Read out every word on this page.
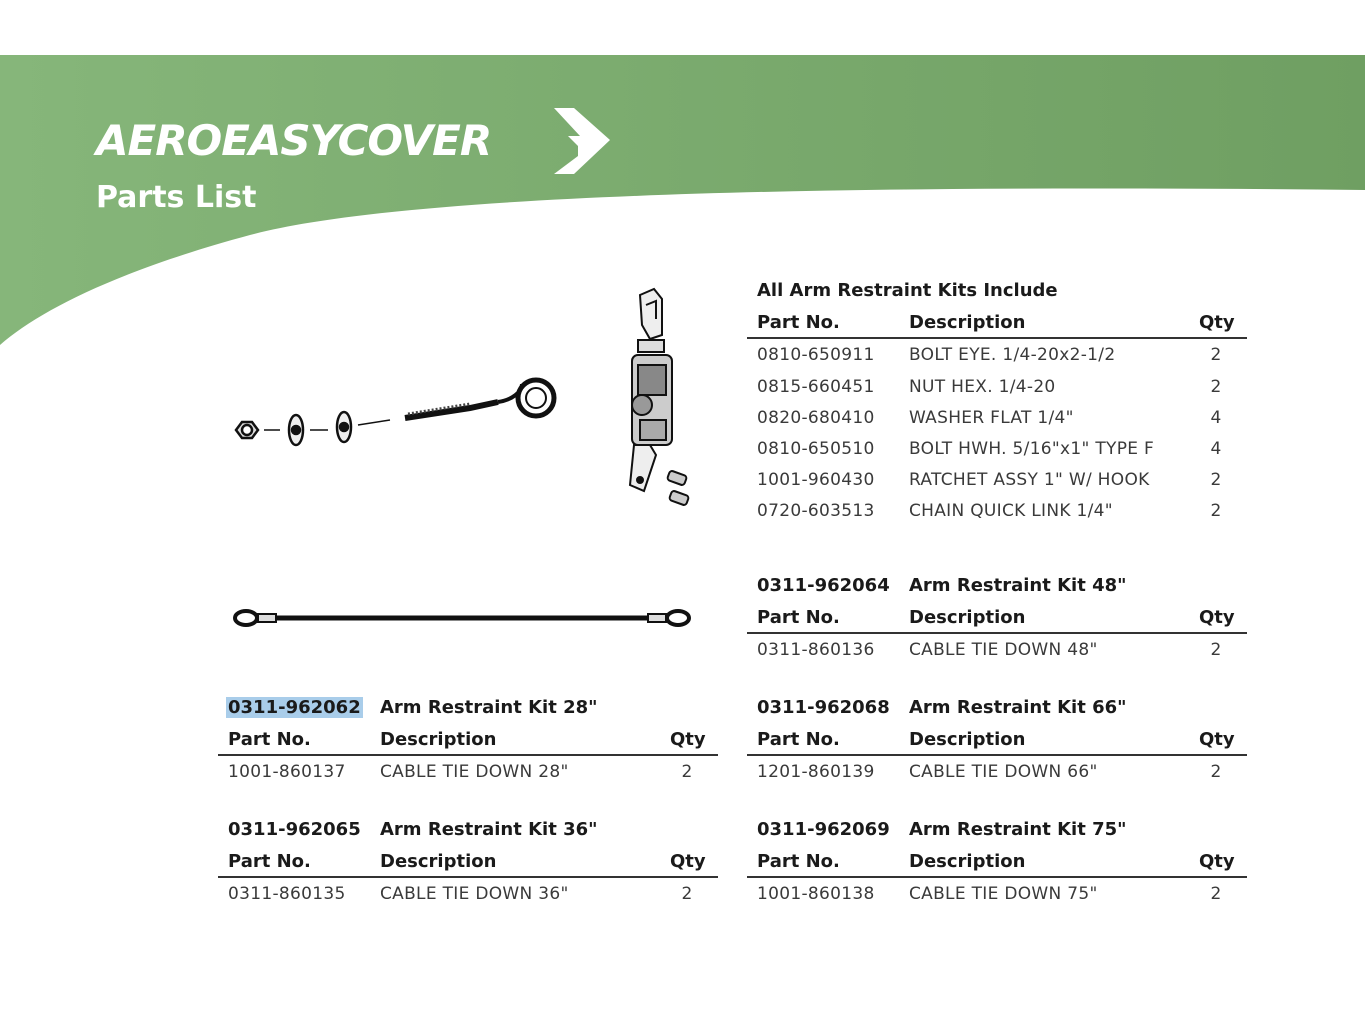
AEROEASYCOVER
Parts List
All Arm Restraint Kits Include
Part No.	Description	Qty
0810-650911 BOLT EYE. 1/4-20x2-1/2	2
0815-660451 NUT HEX. 1/4-20	2
0820-680410 WASHER FLAT 1/4"	4
0810-650510 BOLT HWH. 5/16"x1" TYPE F	4
1001-960430 RATCHET ASSY 1" W/ HOOK	2
0720-603513 CHAIN QUICK LINK 1/4"	2
0311-962064 Arm Restraint Kit 48"
Part No.	Description	Qty
0311-860136 CABLE TIE DOWN 48"	2
0311-962062 Arm Restraint Kit 28"
Part No.	Description	Qty
1001-860137 CABLE TIE DOWN 28"	2
0311-962068 Arm Restraint Kit 66"
Part No.	Description	Qty
1201-860139 CABLE TIE DOWN 66"	2
0311-962065 Arm Restraint Kit 36"
Part No.	Description	Qty
0311-860135 CABLE TIE DOWN 36"	2
0311-962069 Arm Restraint Kit 75"
Part No.	Description	Qty
1001-860138 CABLE TIE DOWN 75"	2
